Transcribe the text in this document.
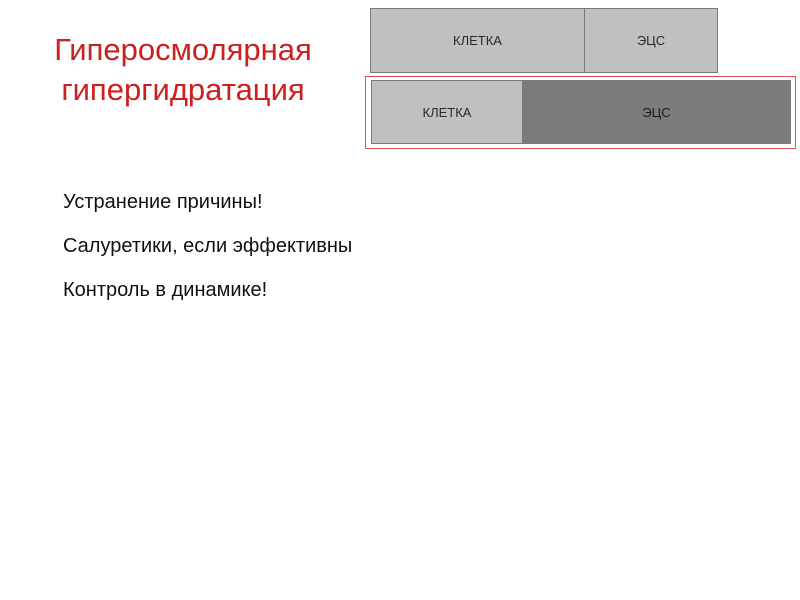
Гиперосмолярная
гипергидратация
КЛЕТКА	ЭЦС
КЛЕТКА	ЭЦС
Устранение причины!
Салуретики, если эффективны
Контроль в динамике!
